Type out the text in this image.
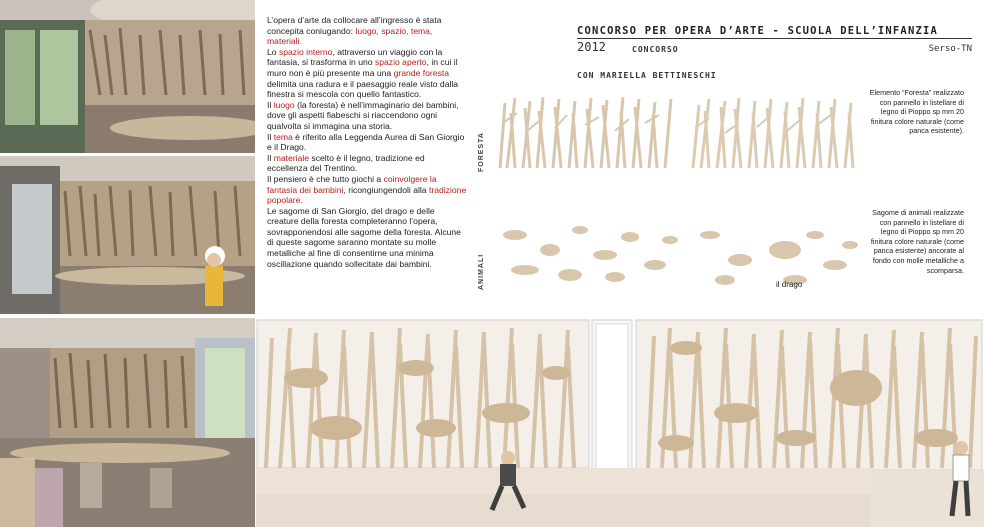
L’opera d’arte da collocare all’ingresso è stata concepita coniugando: luogo, spazio, tema, materiali.

Lo spazio interno, attraverso un viaggio con la fantasia, si trasforma in uno spazio aperto, in cui il muro non è più presente ma una grande foresta delimita una radura e il paesaggio reale visto dalla finestra si mescola con quello fantastico.

Il luogo (la foresta) è nell’immaginario dei bambini, dove gli aspetti fiabeschi si riaccendono ogni qualvolta si immagina una storia.

Il tema è riferito alla Leggenda Aurea di San Giorgio e il Drago.

Il materiale scelto è il legno, tradizione ed eccellenza del Trentino.

Il pensiero è che tutto giochi a coinvolgere la fantasia dei bambini, ricongiungendoli alla tradizione popolare.

Le sagome di San Giorgio, del drago e delle creature della foresta completeranno l’opera, sovrapponendosi alle sagome della foresta. Alcune di queste sagome saranno montate su molle metalliche al fine di consentirne una minima oscillazione quando sollecitate dai bambini.

CONCORSO PER OPERA D’ARTE - SCUOLA DELL’INFANZIA
2012	CONCORSO	Serso-TN
CON MARIELLA BETTINESCHI
FORESTA
Elemento “Foresta” realizzato con pannello in listellare di legno di Pioppo sp mm 20 finitura colore naturale (come panca esistente).
ANIMALI	il drago
Sagome di animali realizzate con pannello in listellare di legno di Pioppo sp mm 20 finitura colore naturale (come panca esistente) ancorate al fondo con molle metalliche a scomparsa.
